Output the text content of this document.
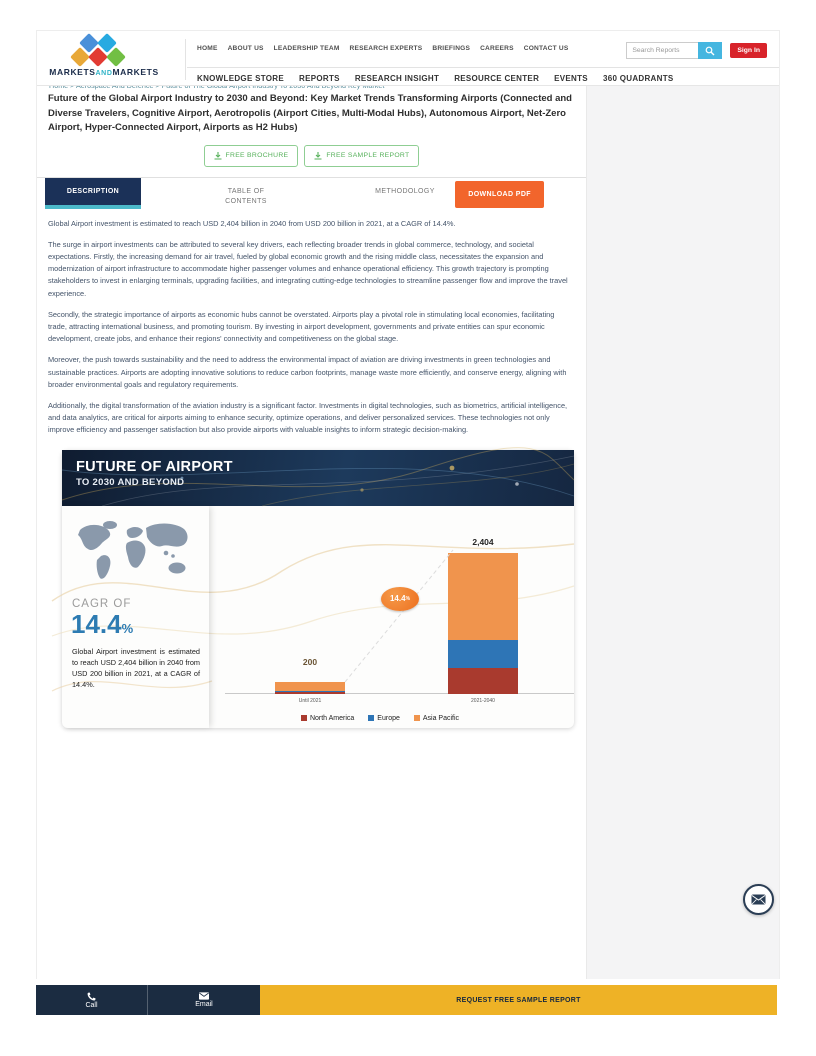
MARKETSANDMARKETS
HOME ABOUT US LEADERSHIP TEAM RESEARCH EXPERTS BRIEFINGS CAREERS CONTACT US
KNOWLEDGE STORE REPORTS RESEARCH INSIGHT RESOURCE CENTER EVENTS 360 QUADRANTS
Search Reports
Sign In
Future of the Global Airport Industry to 2030 and Beyond: Key Market Trends Transforming Airports (Connected and Diverse Travelers, Cognitive Airport, Aerotropolis (Airport Cities, Multi-Modal Hubs), Autonomous Airport, Net-Zero Airport, Hyper-Connected Airport, Airports as H2 Hubs)
FREE BROCHURE	FREE SAMPLE REPORT
DESCRIPTION	TABLE OF CONTENTS
METHODOLOGY	DOWNLOAD PDF

Global Airport investment is estimated to reach USD 2,404 billion in 2040 from USD 200 billion in 2021, at a CAGR of 14.4%.

The surge in airport investments can be attributed to several key drivers, each reflecting broader trends in global commerce, technology, and societal expectations. Firstly, the increasing demand for air travel, fueled by global economic growth and the rising middle class, necessitates the expansion and modernization of airport infrastructure to accommodate higher passenger volumes and enhance operational efficiency. This growth trajectory is prompting stakeholders to invest in enlarging terminals, upgrading facilities, and integrating cutting-edge technologies to streamline passenger flow and improve the travel experience.

Secondly, the strategic importance of airports as economic hubs cannot be overstated. Airports play a pivotal role in stimulating local economies, facilitating trade, attracting international business, and promoting tourism. By investing in airport development, governments and private entities can spur economic development, create jobs, and enhance their regions' connectivity and competitiveness on the global stage.

Moreover, the push towards sustainability and the need to address the environmental impact of aviation are driving investments in green technologies and sustainable practices. Airports are adopting innovative solutions to reduce carbon footprints, manage waste more efficiently, and conserve energy, aligning with broader environmental goals and regulatory requirements.

Additionally, the digital transformation of the aviation industry is a significant factor. Investments in digital technologies, such as biometrics, artificial intelligence, and data analytics, are critical for airports aiming to enhance security, optimize operations, and deliver personalized services. These technologies not only improve efficiency and passenger satisfaction but also provide airports with valuable insights to inform strategic decision-making.

FUTURE OF AIRPORT
TO 2030 AND BEYOND
CAGR OF
14.4%
Global Airport investment is estimated to reach USD 2,404 billion in 2040 from USD 200 billion in 2021, at a CAGR of 14.4%.
14.4 %
North America	Europe	Asia Pacific
200
Until 2021
2,404
2021-2040
Call	Email
REQUEST FREE SAMPLE REPORT
